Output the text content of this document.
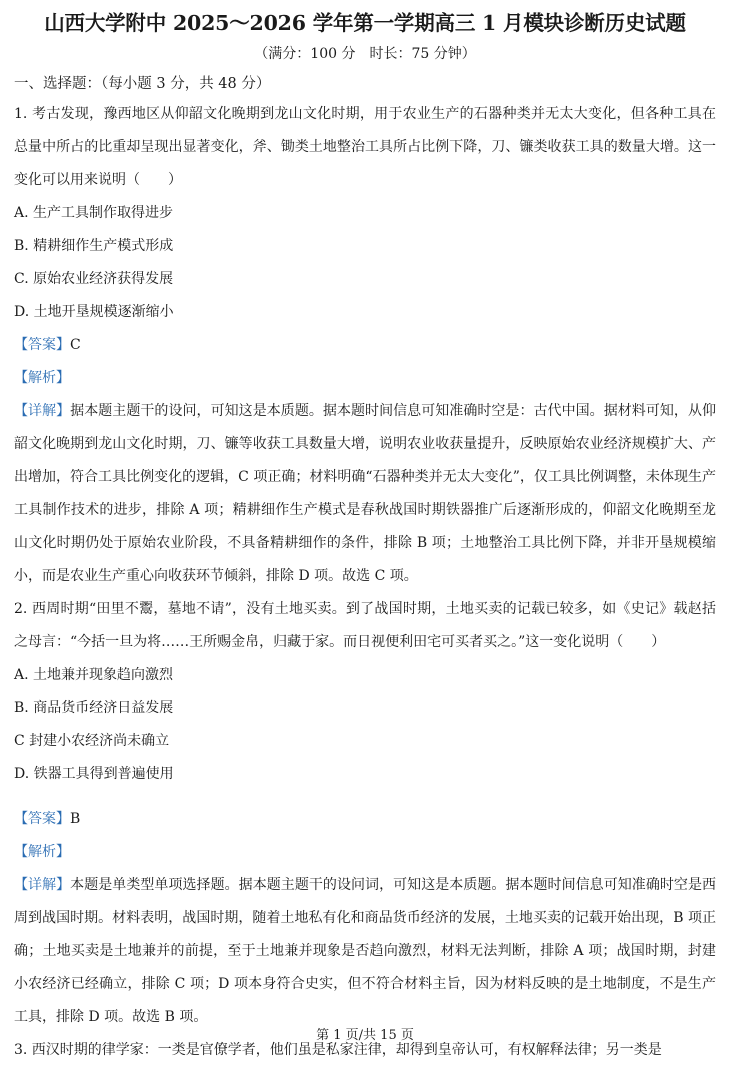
山西大学附中 2025～2026 学年第一学期高三 1 月模块诊断历史试题
（满分：100 分　时长：75 分钟）
一、选择题：（每小题 3 分，共 48 分）

1. 考古发现，豫西地区从仰韶文化晚期到龙山文化时期，用于农业生产的石器种类并无太大变化，但各种工具在总量中所占的比重却呈现出显著变化，斧、锄类土地整治工具所占比例下降，刀、镰类收获工具的数量大增。这一变化可以用来说明（　　）

A. 生产工具制作取得进步
B. 精耕细作生产模式形成
C. 原始农业经济获得发展
D. 土地开垦规模逐渐缩小

【答案】C

【解析】

【详解】据本题主题干的设问，可知这是本质题。据本题时间信息可知准确时空是：古代中国。据材料可知，从仰韶文化晚期到龙山文化时期，刀、镰等收获工具数量大增，说明农业收获量提升，反映原始农业经济规模扩大、产出增加，符合工具比例变化的逻辑，C 项正确；材料明确“石器种类并无太大变化”，仅工具比例调整，未体现生产工具制作技术的进步，排除 A 项；精耕细作生产模式是春秋战国时期铁器推广后逐渐形成的，仰韶文化晚期至龙山文化时期仍处于原始农业阶段，不具备精耕细作的条件，排除 B 项；土地整治工具比例下降，并非开垦规模缩小，而是农业生产重心向收获环节倾斜，排除 D 项。故选 C 项。

2. 西周时期“田里不鬻，墓地不请”，没有土地买卖。到了战国时期，土地买卖的记载已较多，如《史记》载赵括之母言：“今括一旦为将……王所赐金帛，归藏于家。而日视便利田宅可买者买之。”这一变化说明（　　）

A. 土地兼并现象趋向激烈
B. 商品货币经济日益发展
C 封建小农经济尚未确立
D. 铁器工具得到普遍使用

【答案】B

【解析】

【详解】本题是单类型单项选择题。据本题主题干的设问词，可知这是本质题。据本题时间信息可知准确时空是西周到战国时期。材料表明，战国时期，随着土地私有化和商品货币经济的发展，土地买卖的记载开始出现，B 项正确；土地买卖是土地兼并的前提，至于土地兼并现象是否趋向激烈，材料无法判断，排除 A 项；战国时期，封建小农经济已经确立，排除 C 项；D 项本身符合史实，但不符合材料主旨，因为材料反映的是土地制度，不是生产工具，排除 D 项。故选 B 项。

3. 西汉时期的律学家：一类是官僚学者，他们虽是私家注律，却得到皇帝认可，有权解释法律；另一类是

第 1 页/共 15 页
